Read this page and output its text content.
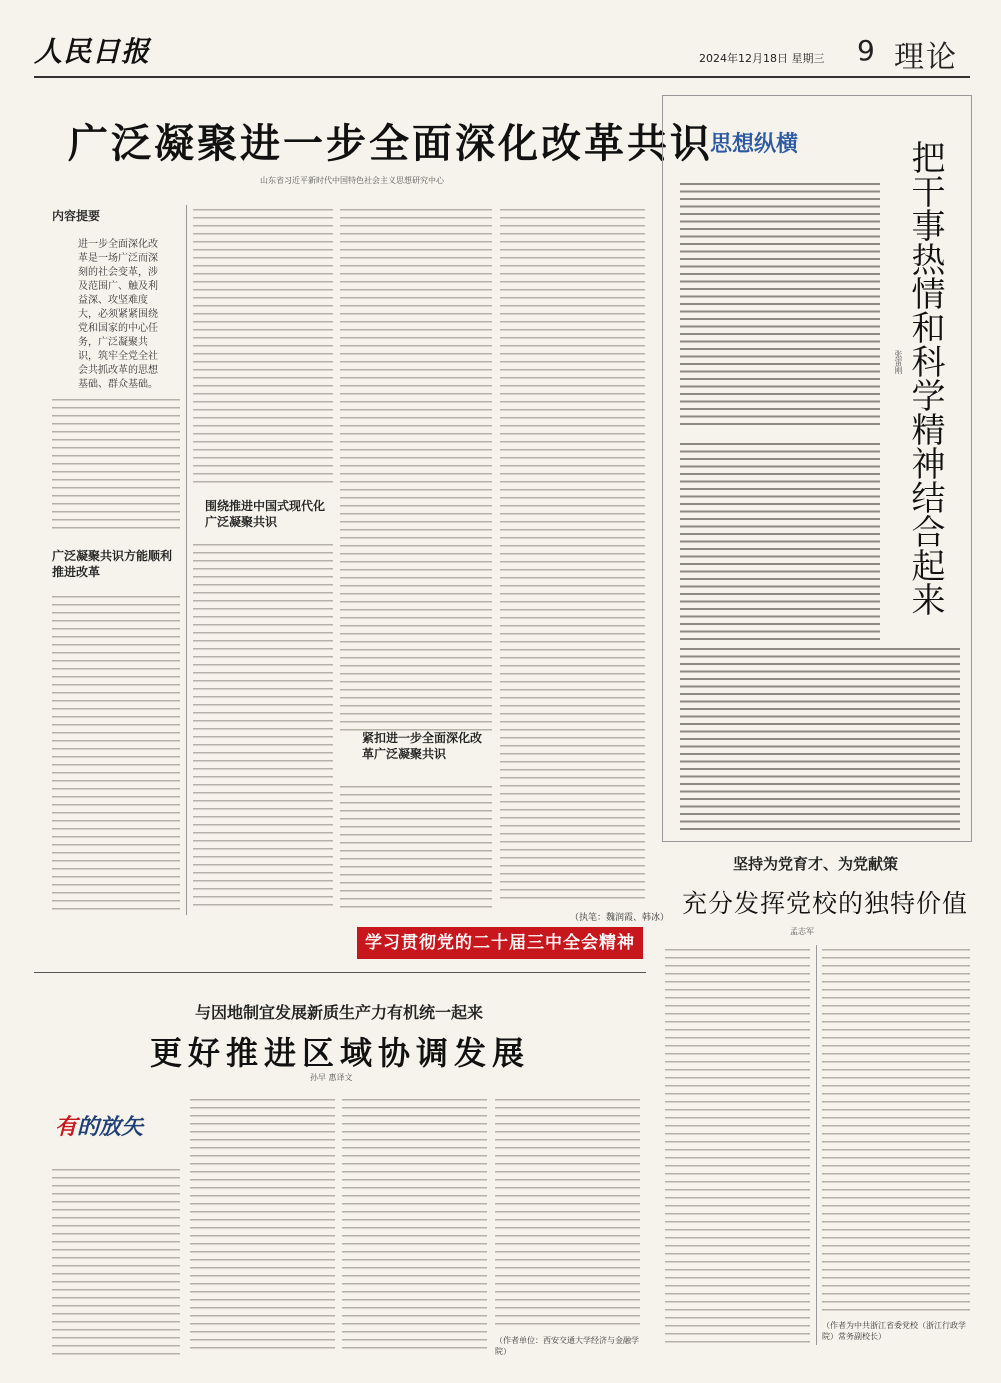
人民日报	2024年12月18日 星期三 9 理论
广泛凝聚进一步全面深化改革共识
山东省习近平新时代中国特色社会主义思想研究中心
内容提要
进一步全面深化改革是一场广泛而深刻的社会变革，涉及范围广、触及利益深、攻坚难度大，必须紧紧围绕党和国家的中心任务，广泛凝聚共识，筑牢全党全社会共抓改革的思想基础、群众基础。
广泛凝聚共识方能顺利推进改革
围绕推进中国式现代化广泛凝聚共识
紧扣进一步全面深化改革广泛凝聚共识
（执笔：魏润霞、韩冰）
学习贯彻党的二十届三中全会精神
思想纵横	把干事热情和科学精神结合起来
张雷刚
坚持为党育才、为党献策
充分发挥党校的独特价值
孟志军
（作者为中共浙江省委党校（浙江行政学院）常务副校长）
与因地制宜发展新质生产力有机统一起来
更好推进区域协调发展
孙早 惠译文
有的放矢
（作者单位：西安交通大学经济与金融学院）
